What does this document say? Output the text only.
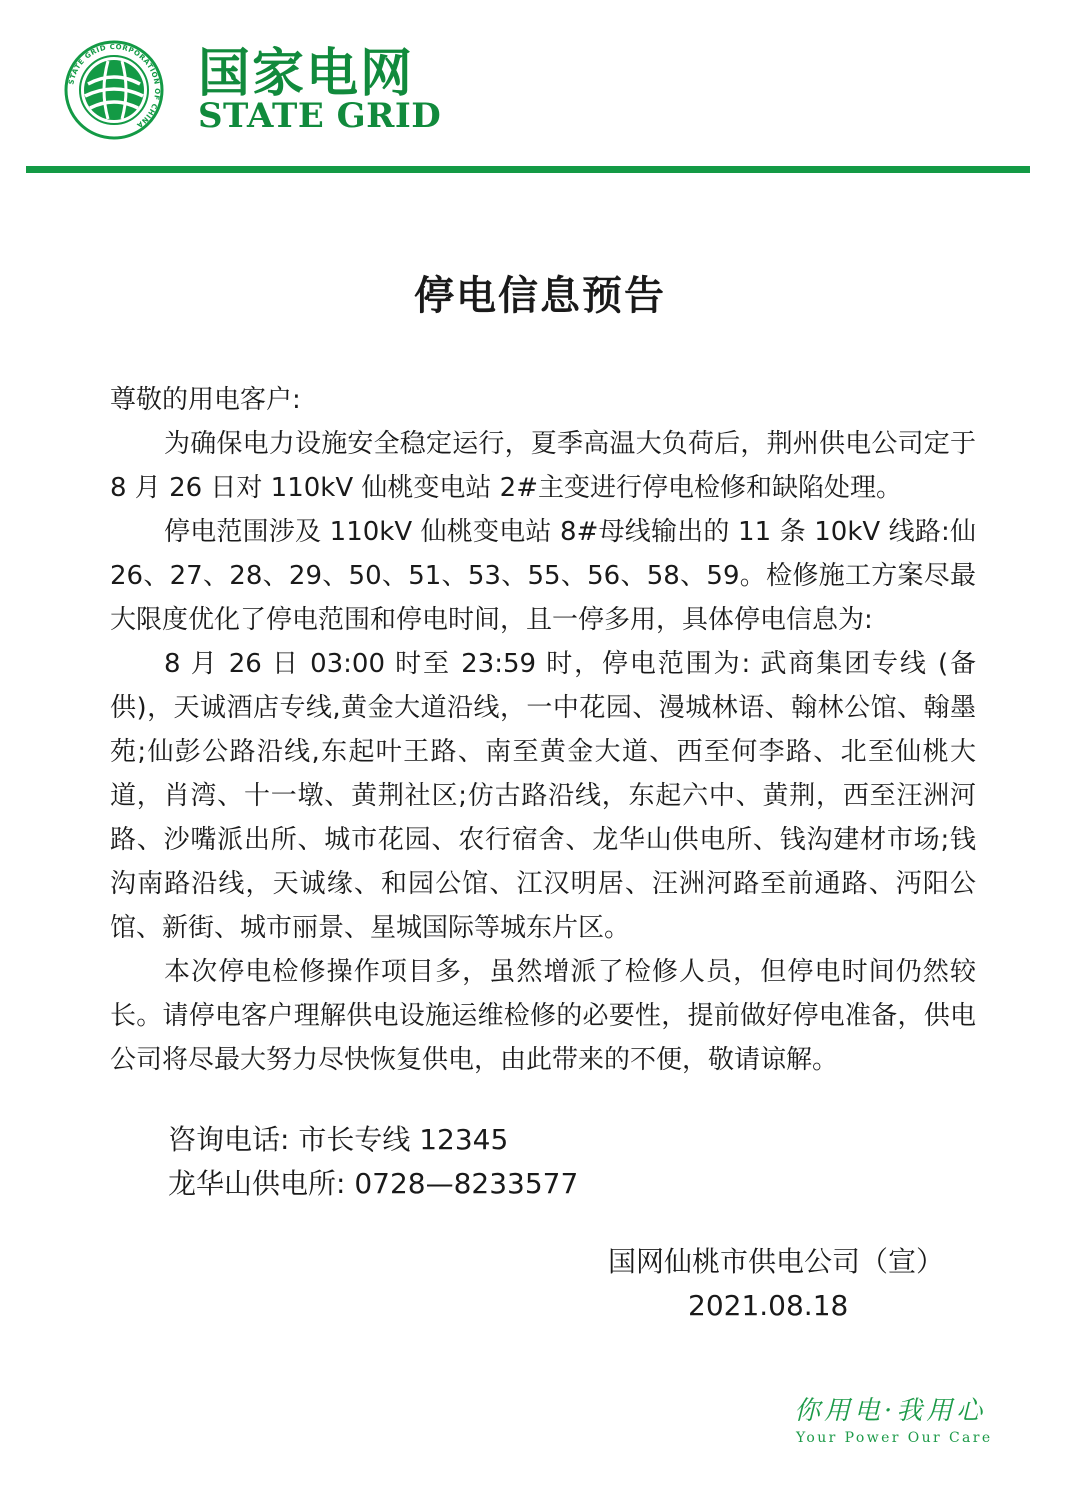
STATE GRID CORPORATION OF CHINA
国家电网
STATE GRID
停电信息预告

尊敬的用电客户:

为确保电力设施安全稳定运行，夏季高温大负荷后，荆州供电公司定于 8 月 26 日对 110kV 仙桃变电站 2#主变进行停电检修和缺陷处理。

停电范围涉及 110kV 仙桃变电站 8#母线输出的 11 条 10kV 线路:仙 26、27、28、29、50、51、53、55、56、58、59。检修施工方案尽最大限度优化了停电范围和停电时间，且一停多用，具体停电信息为:

8 月 26 日 03:00 时至 23:59 时，停电范围为: 武商集团专线 (备供)，天诚酒店专线,黄金大道沿线，一中花园、漫城林语、翰林公馆、翰墨苑;仙彭公路沿线,东起叶王路、南至黄金大道、西至何李路、北至仙桃大道，肖湾、十一墩、黄荆社区;仿古路沿线，东起六中、黄荆，西至汪洲河路、沙嘴派出所、城市花园、农行宿舍、龙华山供电所、钱沟建材市场;钱沟南路沿线，天诚缘、和园公馆、江汉明居、汪洲河路至前通路、沔阳公馆、新街、城市丽景、星城国际等城东片区。

本次停电检修操作项目多，虽然增派了检修人员，但停电时间仍然较长。请停电客户理解供电设施运维检修的必要性，提前做好停电准备，供电公司将尽最大努力尽快恢复供电，由此带来的不便，敬请谅解。

咨询电话: 市长专线 12345
龙华山供电所: 0728—8233577
国网仙桃市供电公司（宣）
2021.08.18
你用电·我用心
Your Power Our Care
